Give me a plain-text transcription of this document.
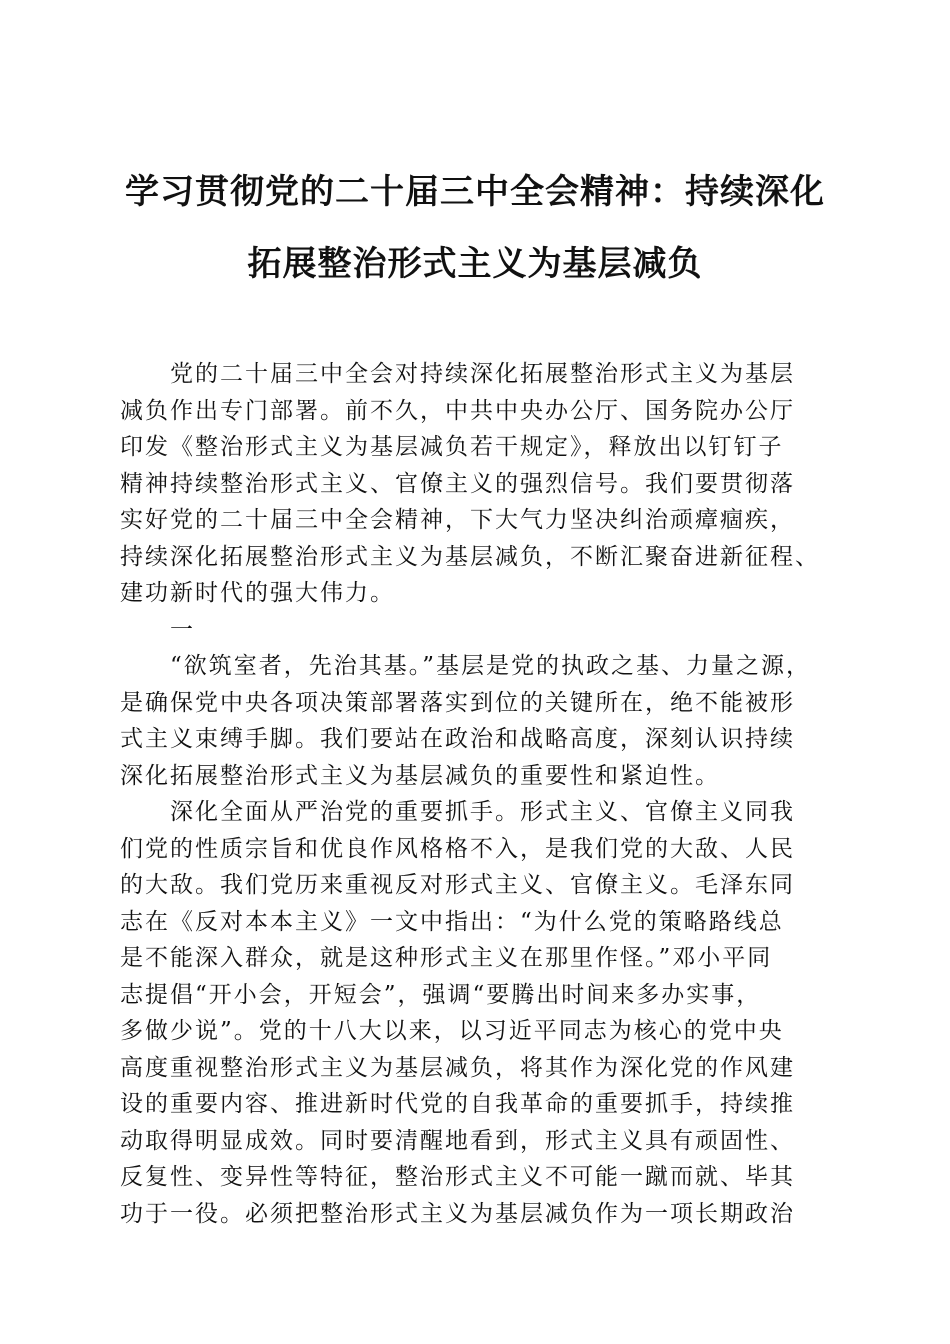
学习贯彻党的二十届三中全会精神：持续深化
拓展整治形式主义为基层减负

党的二十届三中全会对持续深化拓展整治形式主义为基层
减负作出专门部署。前不久，中共中央办公厅、国务院办公厅
印发《整治形式主义为基层减负若干规定》，释放出以钉钉子
精神持续整治形式主义、官僚主义的强烈信号。我们要贯彻落
实好党的二十届三中全会精神，下大气力坚决纠治顽瘴痼疾，
持续深化拓展整治形式主义为基层减负，不断汇聚奋进新征程、
建功新时代的强大伟力。

一

“欲筑室者，先治其基。”基层是党的执政之基、力量之源，
是确保党中央各项决策部署落实到位的关键所在，绝不能被形
式主义束缚手脚。我们要站在政治和战略高度，深刻认识持续
深化拓展整治形式主义为基层减负的重要性和紧迫性。

深化全面从严治党的重要抓手。形式主义、官僚主义同我
们党的性质宗旨和优良作风格格不入，是我们党的大敌、人民
的大敌。我们党历来重视反对形式主义、官僚主义。毛泽东同
志在《反对本本主义》一文中指出：“为什么党的策略路线总
是不能深入群众，就是这种形式主义在那里作怪。”邓小平同
志提倡“开小会，开短会”，强调“要腾出时间来多办实事，
多做少说”。党的十八大以来，以习近平同志为核心的党中央
高度重视整治形式主义为基层减负，将其作为深化党的作风建
设的重要内容、推进新时代党的自我革命的重要抓手，持续推
动取得明显成效。同时要清醒地看到，形式主义具有顽固性、
反复性、变异性等特征，整治形式主义不可能一蹴而就、毕其
功于一役。必须把整治形式主义为基层减负作为一项长期政治
